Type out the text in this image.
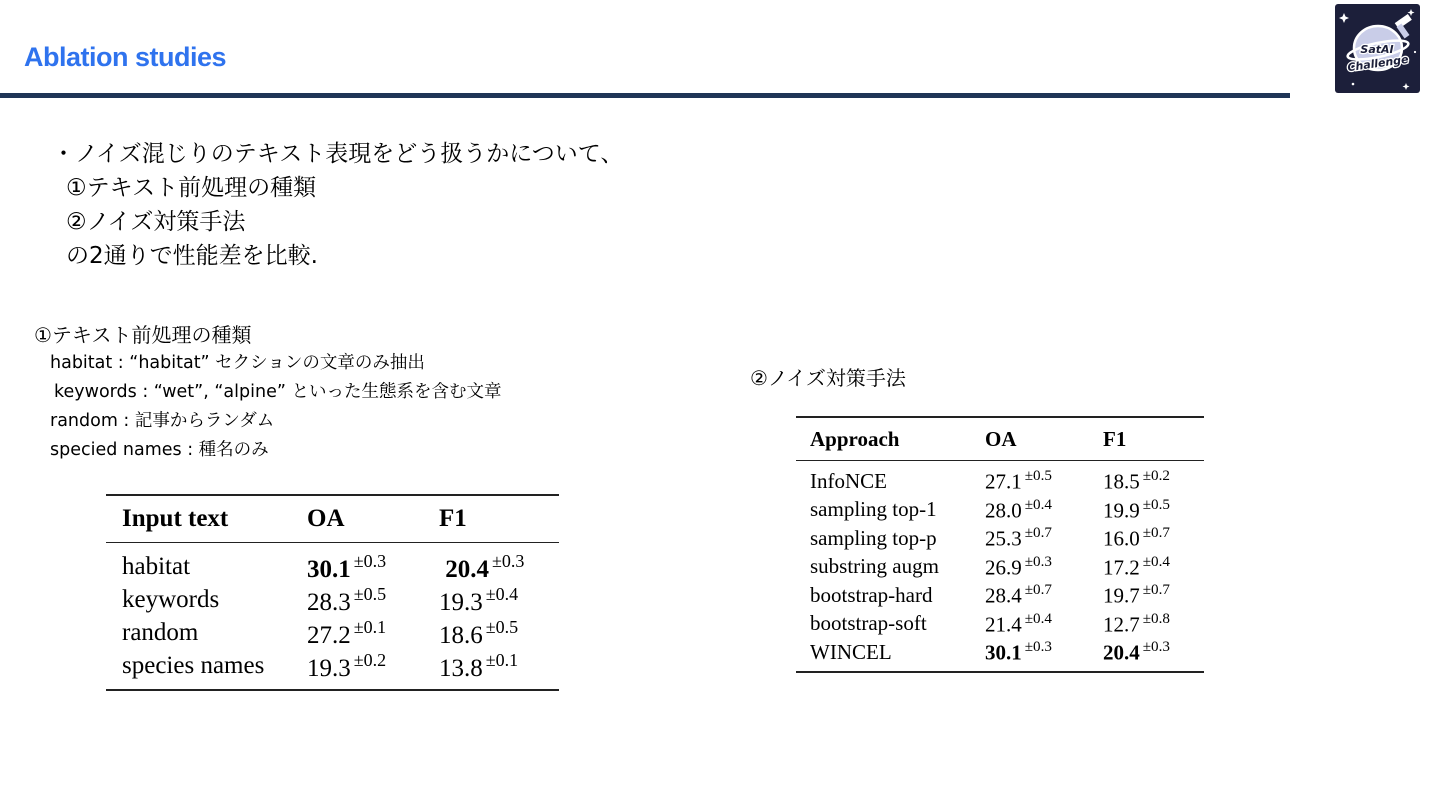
Ablation studies	SatAI
Challenge
・ノイズ混じりのテキスト表現をどう扱うかについて、
①テキスト前処理の種類
②ノイズ対策手法
の2通りで性能差を比較.
①テキスト前処理の種類
habitat : “habitat” セクションの文章のみ抽出
keywords : “wet”, “alpine” といった生態系を含む文章
random : 記事からランダム
specied names : 種名のみ
Input text	OA	F1
habitat	30.1 $^{\pm 0.3}$	20.4 $^{\pm 0.3}$
keywords	28.3 $^{\pm 0.5}$	19.3 $^{\pm 0.4}$
random	27.2 $^{\pm 0.1}$	18.6 $^{\pm 0.5}$
species names	19.3 $^{\pm 0.2}$	13.8 $^{\pm 0.1}$
②ノイズ対策手法
Approach	OA	F1
InfoNCE	27.1 $^{\pm 0.5}$	18.5 $^{\pm 0.2}$
sampling top-1	28.0 $^{\pm 0.4}$	19.9 $^{\pm 0.5}$
sampling top-p	25.3 $^{\pm 0.7}$	16.0 $^{\pm 0.7}$
substring augm	26.9 $^{\pm 0.3}$	17.2 $^{\pm 0.4}$
bootstrap-hard	28.4 $^{\pm 0.7}$	19.7 $^{\pm 0.7}$
bootstrap-soft	21.4 $^{\pm 0.4}$	12.7 $^{\pm 0.8}$
WINCEL	30.1 $^{\pm 0.3}$	20.4 $^{\pm 0.3}$
